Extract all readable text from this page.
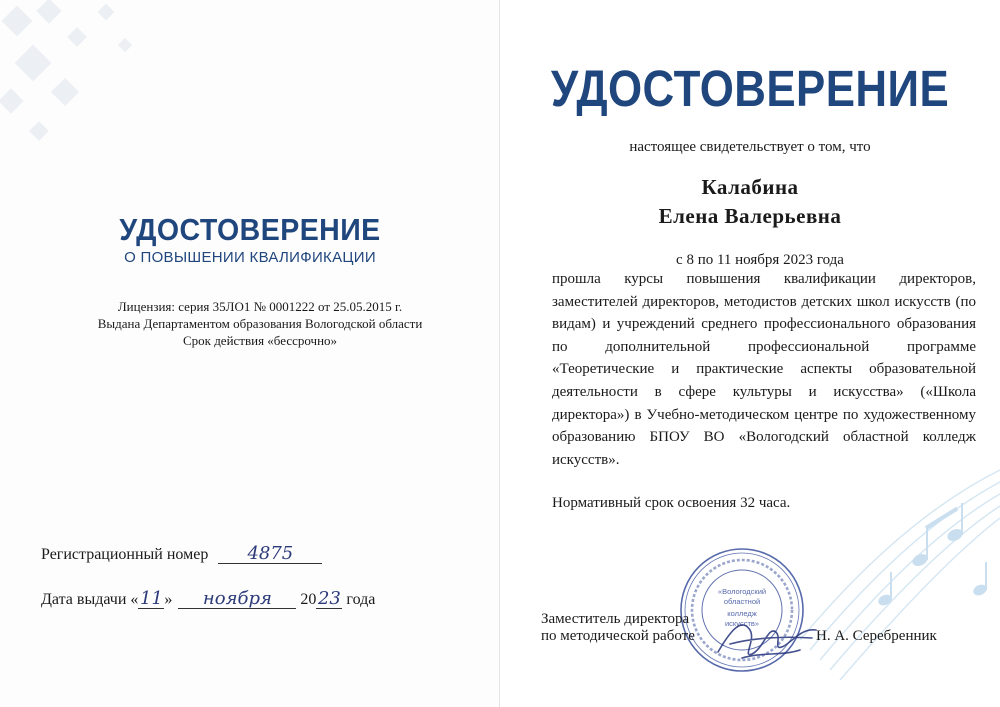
УДОСТОВЕРЕНИЕ
О ПОВЫШЕНИИ КВАЛИФИКАЦИИ
Лицензия: серия 35ЛО1 № 0001222 от 25.05.2015 г.
Выдана Департаментом образования Вологодской области
Срок действия «бессрочно»
Регистрационный номер 4875
Дата выдачи «11» ноября 2023 года
УДОСТОВЕРЕНИЕ
настоящее свидетельствует о том, что
Калабина
Елена Валерьевна
с 8 по 11 ноября 2023 года
прошла курсы повышения квалификации директоров, заместителей директоров, методистов детских школ искусств (по видам) и учреждений среднего профессионального образования по дополнительной профессиональной программе «Теоретические и практические аспекты образовательной деятельности в сфере культуры и искусства» («Школа директора») в Учебно-методическом центре по художественному образованию БПОУ ВО «Вологодский областной колледж искусств».
Нормативный срок освоения 32 часа.
«Вологодский
областной
колледж
искусств»
Заместитель директора
по методической работе	Н. А. Серебренник
